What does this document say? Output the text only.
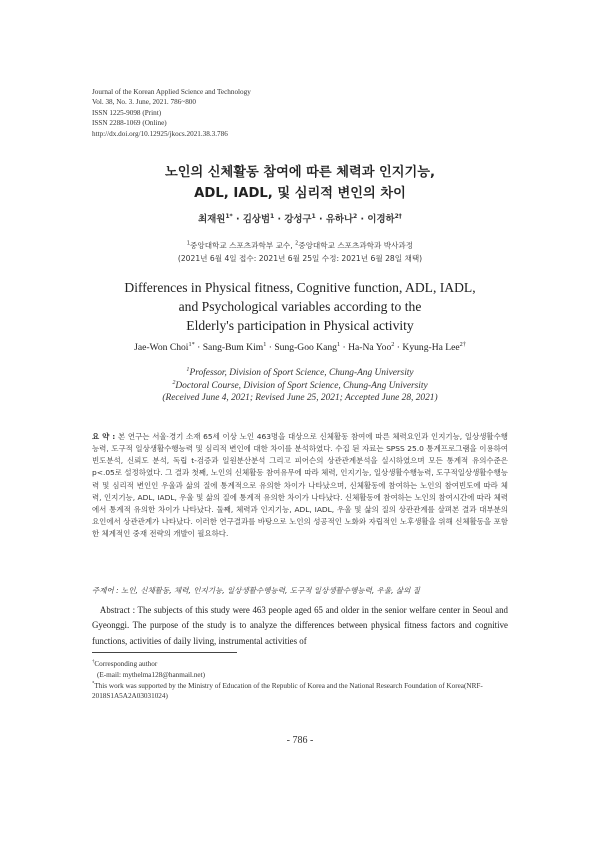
Journal of the Korean Applied Science and Technology
Vol. 38, No. 3. June, 2021. 786~800
ISSN 1225-9098 (Print)
ISSN 2288-1069 (Online)
http://dx.doi.org/10.12925/jkocs.2021.38.3.786
노인의 신체활동 참여에 따른 체력과 인지기능,
ADL, IADL, 및 심리적 변인의 차이
최재원$^{1*}$ · 김상범$^1$ · 강성구$^1$ · 유하나$^2$ · 이경하$^{2\dagger}$
$^1$중앙대학교 스포츠과학부 교수, $^2$중앙대학교 스포츠과학과 박사과정
(2021년 6월 4일 접수: 2021년 6월 25일 수정: 2021년 6월 28일 채택)
Differences in Physical fitness, Cognitive function, ADL, IADL,
and Psychological variables according to the
Elderly's participation in Physical activity
Jae-Won Choi$^{1*}$ · Sang-Bum Kim$^1$ · Sung-Goo Kang$^1$ · Ha-Na Yoo$^2$ · Kyung-Ha Lee$^{2\dagger}$
$^1$Professor, Division of Sport Science, Chung-Ang University
$^2$Doctoral Course, Division of Sport Science, Chung-Ang University
(Received June 4, 2021; Revised June 25, 2021; Accepted June 28, 2021)
요 약 : 본 연구는 서울·경기 소재 65세 이상 노인 463명을 대상으로 신체활동 참여에 따른 체력요인과 인지기능, 일상생활수행능력, 도구적 일상생활수행능력 및 심리적 변인에 대한 차이를 분석하였다. 수집 된 자료는 SPSS 25.0 통계프로그램을 이용하여 빈도분석, 신뢰도 분석, 독립 t-검증과 일원분산분석 그리고 피어슨의 상관관계분석을 실시하였으며 모든 통계적 유의수준은 p<.05로 설정하였다. 그 결과 첫째, 노인의 신체활동 참여유무에 따라 체력, 인지기능, 일상생활수행능력, 도구적일상생활수행능력 및 심리적 변인인 우울과 삶의 질에 통계적으로 유의한 차이가 나타났으며, 신체활동에 참여하는 노인의 참여빈도에 따라 체력, 인지기능, ADL, IADL, 우울 및 삶의 질에 통계적 유의한 차이가 나타났다. 신체활동에 참여하는 노인의 참여시간에 따라 체력에서 통계적 유의한 차이가 나타났다. 둘째, 체력과 인지기능, ADL, IADL, 우울 및 삶의 질의 상관관계를 살펴본 결과 대부분의 요인에서 상관관계가 나타났다. 이러한 연구결과를 바탕으로 노인의 성공적인 노화와 자립적인 노후생활을 위해 신체활동을 포함한 체계적인 중재 전략의 개발이 필요하다.
주제어 : 노인, 신체활동, 체력, 인지기능, 일상생활수행능력, 도구적 일상생활수행능력, 우울, 삶의 질
Abstract : The subjects of this study were 463 people aged 65 and older in the senior welfare center in Seoul and Gyeonggi. The purpose of the study is to analyze the differences between physical fitness factors and cognitive functions, activities of daily living, instrumental activities of
†Corresponding author
(E-mail: mythelma128@hanmail.net)
*This work was supported by the Ministry of Education of the Republic of Korea and the National Research Foundation of Korea(NRF-2018S1A5A2A03031024)
- 786 -
